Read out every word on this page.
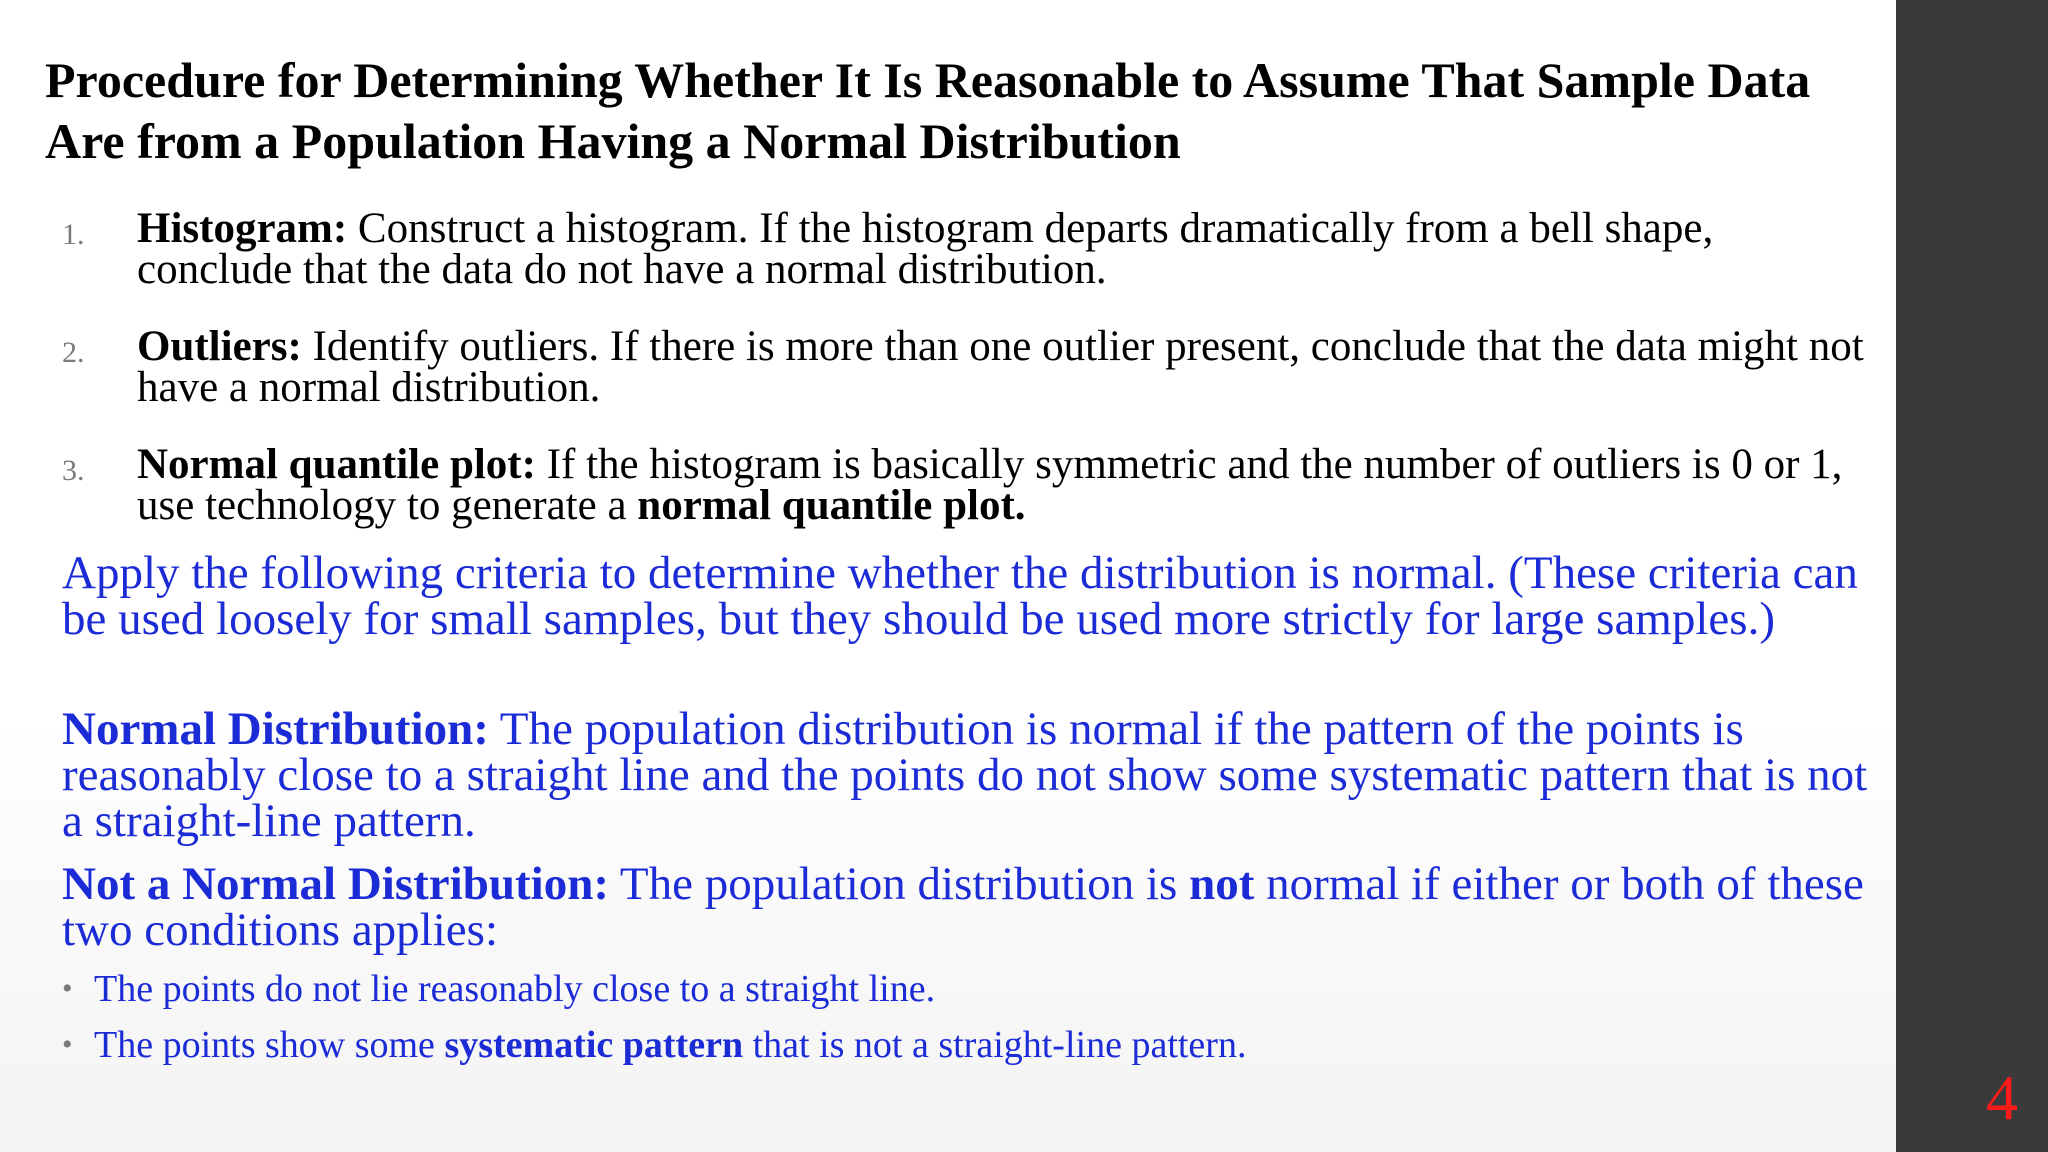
Procedure for Determining Whether It Is Reasonable to Assume That Sample Data Are from a Population Having a Normal Distribution
1. Histogram: Construct a histogram. If the histogram departs dramatically from a bell shape, conclude that the data do not have a normal distribution.
2. Outliers: Identify outliers. If there is more than one outlier present, conclude that the data might not have a normal distribution.
3. Normal quantile plot: If the histogram is basically symmetric and the number of outliers is 0 or 1, use technology to generate a normal quantile plot.

Apply the following criteria to determine whether the distribution is normal. (These criteria can be used loosely for small samples, but they should be used more strictly for large samples.)

Normal Distribution: The population distribution is normal if the pattern of the points is reasonably close to a straight line and the points do not show some systematic pattern that is not a straight-line pattern.

Not a Normal Distribution: The population distribution is not normal if either or both of these two conditions applies:

• The points do not lie reasonably close to a straight line.
• The points show some systematic pattern that is not a straight-line pattern.
4
